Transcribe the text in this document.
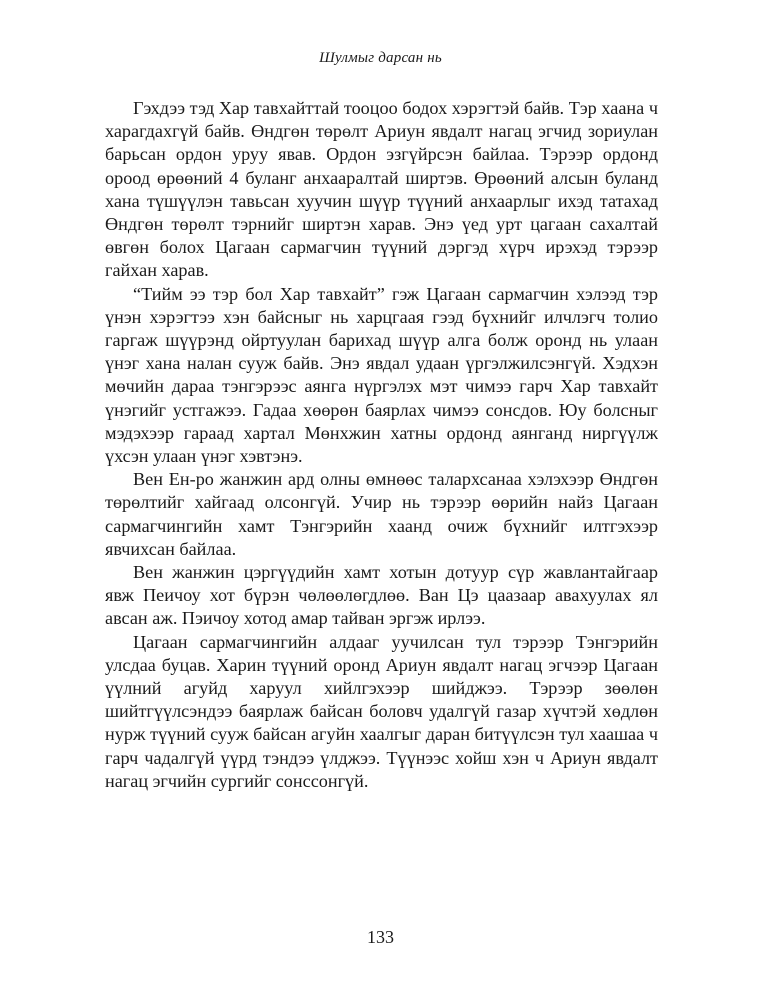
Шулмыг дарсан нь

Гэхдээ тэд Хар тавхайттай тооцоо бодох хэрэгтэй байв. Тэр хаана ч харагдахгүй байв. Өндгөн төрөлт Ариун явдалт нагац эгчид зориулан барьсан ордон уруу явав. Ордон эзгүйрсэн байлаа. Тэрээр ордонд ороод өрөөний 4 буланг анхааралтай ширтэв. Өрөөний алсын буланд хана түшүүлэн тавьсан хуучин шүүр түүний анхаарлыг ихэд татахад Өндгөн төрөлт тэрнийг ширтэн харав. Энэ үед урт цагаан сахалтай өвгөн болох Цагаан сармагчин түүний дэргэд хүрч ирэхэд тэрээр гайхан харав.

“Тийм ээ тэр бол Хар тавхайт” гэж Цагаан сармагчин хэлээд тэр үнэн хэрэгтээ хэн байсныг нь харцгаая гээд бүхнийг илчлэгч толио гаргаж шүүрэнд ойртуулан барихад шүүр алга болж оронд нь улаан үнэг хана налан сууж байв. Энэ явдал удаан үргэлжилсэнгүй. Хэдхэн мөчийн дараа тэнгэрээс аянга нүргэлэх мэт чимээ гарч Хар тавхайт үнэгийг устгажээ. Гадаа хөөрөн баярлах чимээ сонсдов. Юу болсныг мэдэхээр гараад хартал Мөнхжин хатны ордонд аянганд ниргүүлж үхсэн улаан үнэг хэвтэнэ.

Вен Ен-ро жанжин ард олны өмнөөс талархсанаа хэлэхээр Өндгөн төрөлтийг хайгаад олсонгүй. Учир нь тэрээр өөрийн найз Цагаан сармагчингийн хамт Тэнгэрийн хаанд очиж бүхнийг илтгэхээр явчихсан байлаа.

Вен жанжин цэргүүдийн хамт хотын дотуур сүр жавлантайгаар явж Пеичоу хот бүрэн чөлөөлөгдлөө. Ван Цэ цаазаар авахуулах ял авсан аж. Пэичоу хотод амар тайван эргэж ирлээ.

Цагаан сармагчингийн алдааг уучилсан тул тэрээр Тэнгэрийн улсдаа буцав. Харин түүний оронд Ариун явдалт нагац эгчээр Цагаан үүлний агуйд харуул хийлгэхээр шийджээ. Тэрээр зөөлөн шийтгүүлсэндээ баярлаж байсан боловч удалгүй газар хүчтэй хөдлөн нурж түүний сууж байсан агуйн хаалгыг даран битүүлсэн тул хаашаа ч гарч чадалгүй үүрд тэндээ үлджээ. Түүнээс хойш хэн ч Ариун явдалт нагац эгчийн сургийг сонссонгүй.

133
